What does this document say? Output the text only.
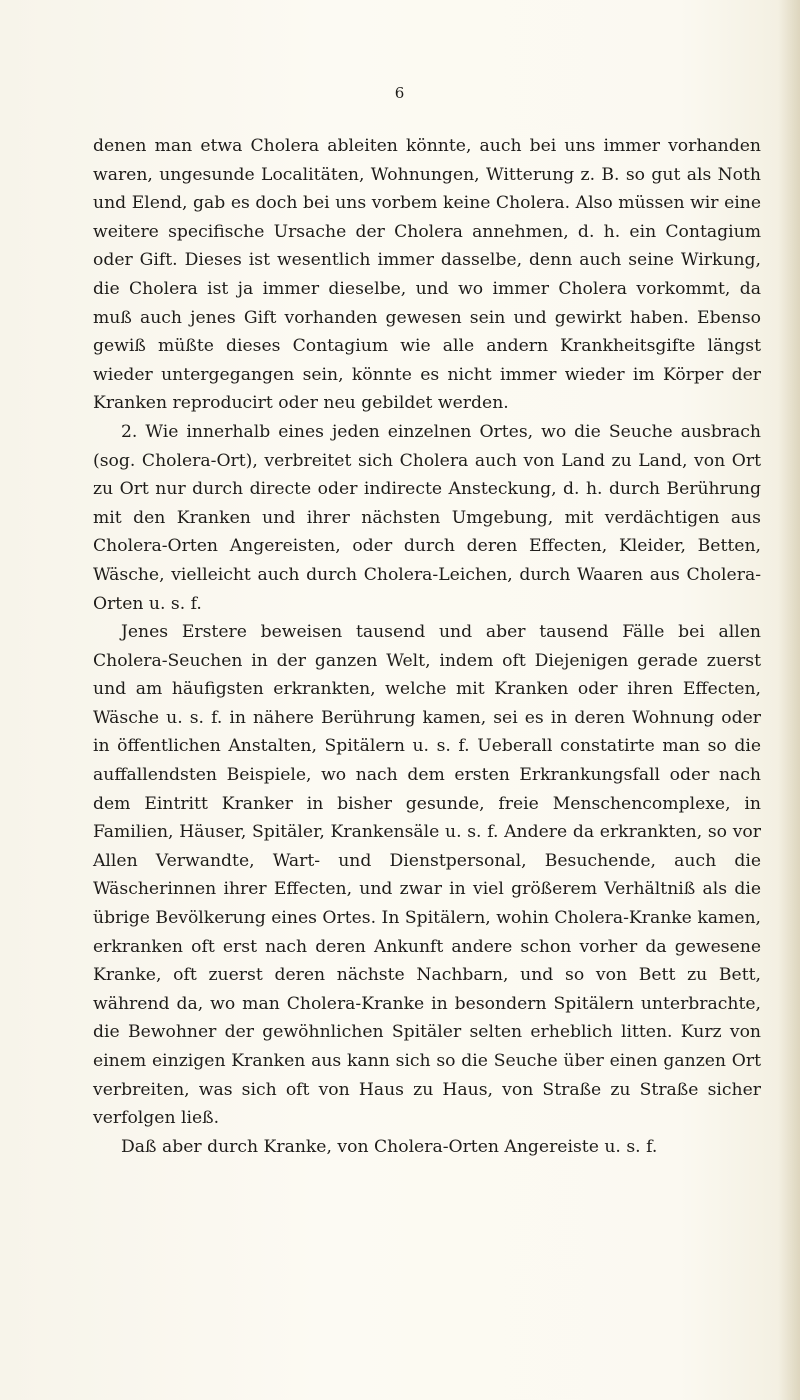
6

denen man etwa Cholera ableiten könnte, auch bei uns immer vorhanden waren, ungesunde Localitäten, Wohnungen, Witterung z. B. so gut als Noth und Elend, gab es doch bei uns vorbem keine Cholera. Also müssen wir eine weitere specifische Ursache der Cholera annehmen, d. h. ein Contagium oder Gift. Dieses ist wesentlich immer dasselbe, denn auch seine Wirkung, die Cholera ist ja immer dieselbe, und wo immer Cholera vorkommt, da muß auch jenes Gift vorhanden gewesen sein und gewirkt haben. Ebenso gewiß müßte dieses Contagium wie alle andern Krankheitsgifte längst wieder untergegangen sein, könnte es nicht immer wieder im Körper der Kranken reproducirt oder neu gebildet werden.

2. Wie innerhalb eines jeden einzelnen Ortes, wo die Seuche ausbrach (sog. Cholera-Ort), verbreitet sich Cholera auch von Land zu Land, von Ort zu Ort nur durch directe oder indirecte Ansteckung, d. h. durch Berührung mit den Kranken und ihrer nächsten Umgebung, mit verdächtigen aus Cholera-Orten Angereisten, oder durch deren Effecten, Kleider, Betten, Wäsche, vielleicht auch durch Cholera-Leichen, durch Waaren aus Cholera-Orten u. s. f.

Jenes Erstere beweisen tausend und aber tausend Fälle bei allen Cholera-Seuchen in der ganzen Welt, indem oft Diejenigen gerade zuerst und am häufigsten erkrankten, welche mit Kranken oder ihren Effecten, Wäsche u. s. f. in nähere Berührung kamen, sei es in deren Wohnung oder in öffentlichen Anstalten, Spitälern u. s. f. Ueberall constatirte man so die auffallendsten Beispiele, wo nach dem ersten Erkrankungsfall oder nach dem Eintritt Kranker in bisher gesunde, freie Menschencomplexe, in Familien, Häuser, Spitäler, Krankensäle u. s. f. Andere da erkrankten, so vor Allen Verwandte, Wart- und Dienstpersonal, Besuchende, auch die Wäscherinnen ihrer Effecten, und zwar in viel größerem Verhältniß als die übrige Bevölkerung eines Ortes. In Spitälern, wohin Cholera-Kranke kamen, erkranken oft erst nach deren Ankunft andere schon vorher da gewesene Kranke, oft zuerst deren nächste Nachbarn, und so von Bett zu Bett, während da, wo man Cholera-Kranke in besondern Spitälern unterbrachte, die Bewohner der gewöhnlichen Spitäler selten erheblich litten. Kurz von einem einzigen Kranken aus kann sich so die Seuche über einen ganzen Ort verbreiten, was sich oft von Haus zu Haus, von Straße zu Straße sicher verfolgen ließ.

Daß aber durch Kranke, von Cholera-Orten Angereiste u. s. f.
